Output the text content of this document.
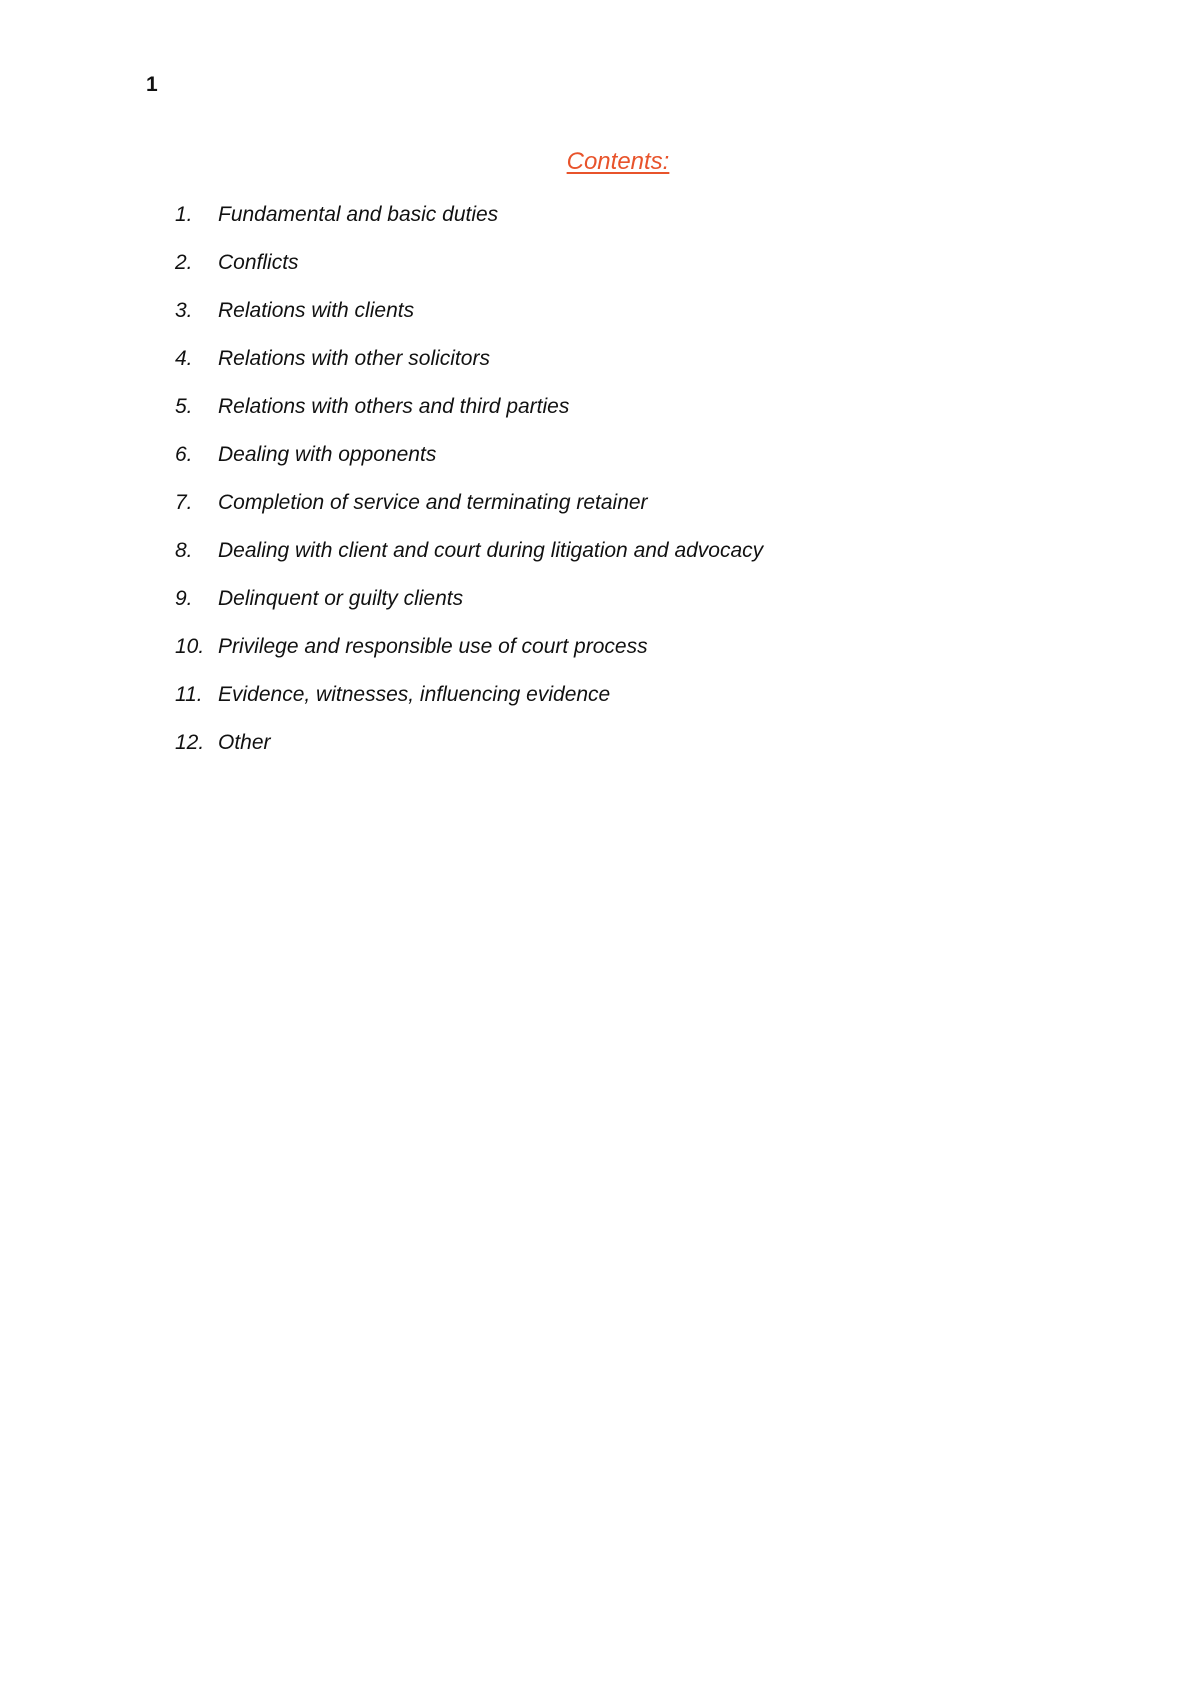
1
Contents:
1.	Fundamental and basic duties
2.	Conflicts
3.	Relations with clients
4.	Relations with other solicitors
5.	Relations with others and third parties
6.	Dealing with opponents
7.	Completion of service and terminating retainer
8.	Dealing with client and court during litigation and advocacy
9.	Delinquent or guilty clients
10. Privilege and responsible use of court process
11. Evidence, witnesses, influencing evidence
12. Other
